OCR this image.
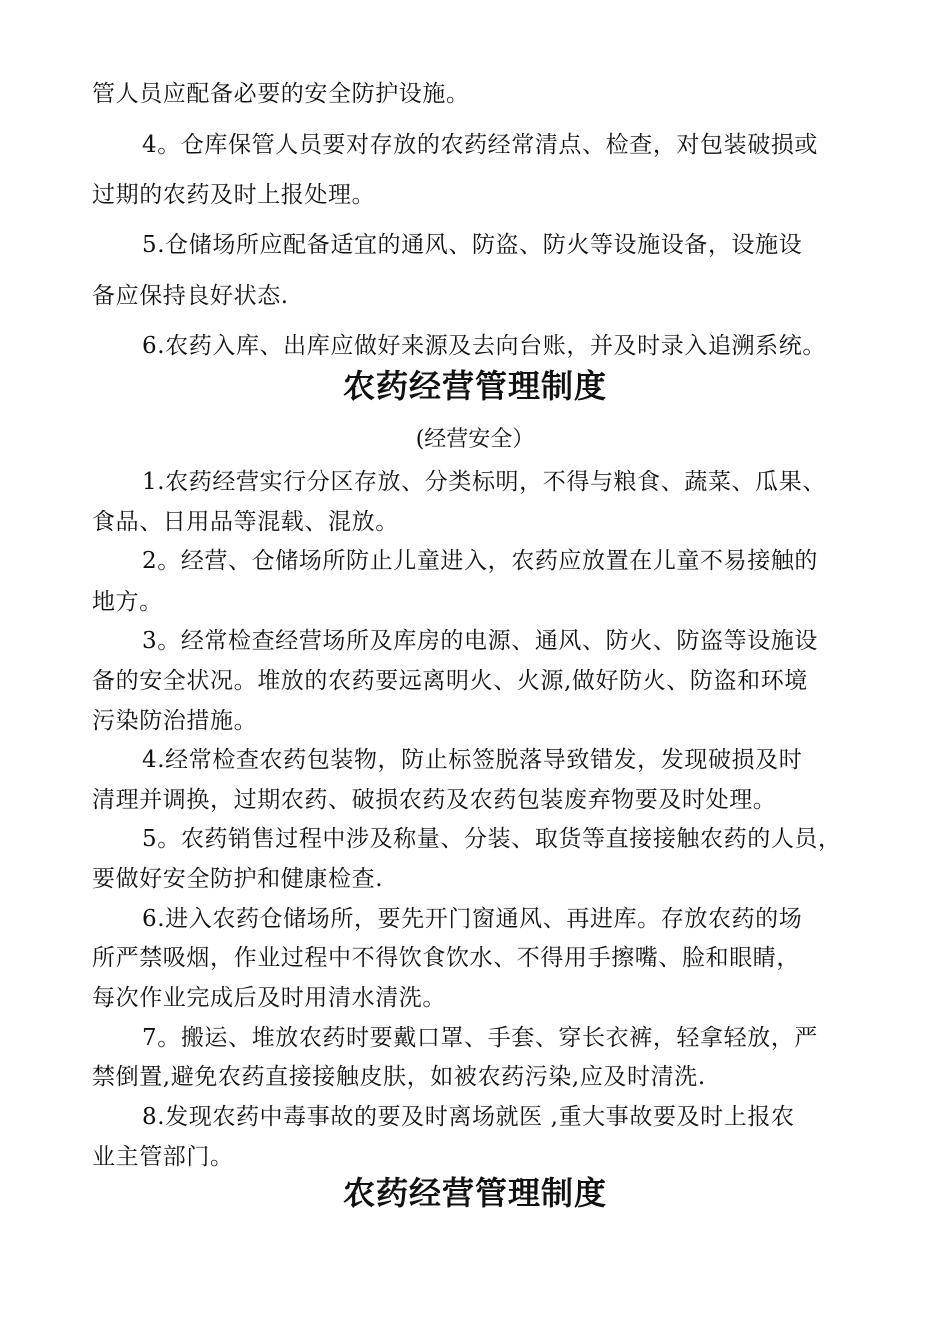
管人员应配备必要的安全防护设施。
4。仓库保管人员要对存放的农药经常清点、检查，对包装破损或
过期的农药及时上报处理。
5.仓储场所应配备适宜的通风、防盗、防火等设施设备，设施设
备应保持良好状态.
6.农药入库、出库应做好来源及去向台账，并及时录入追溯系统。
农药经营管理制度
(经营安全）
1.农药经营实行分区存放、分类标明，不得与粮食、蔬菜、瓜果、
食品、日用品等混载、混放。
2。经营、仓储场所防止儿童进入，农药应放置在儿童不易接触的
地方。
3。经常检查经营场所及库房的电源、通风、防火、防盗等设施设
备的安全状况。堆放的农药要远离明火、火源,做好防火、防盗和环境
污染防治措施。
4.经常检查农药包装物，防止标签脱落导致错发，发现破损及时
清理并调换，过期农药、破损农药及农药包装废弃物要及时处理。
5。农药销售过程中涉及称量、分装、取货等直接接触农药的人员，
要做好安全防护和健康检查.
6.进入农药仓储场所，要先开门窗通风、再进库。存放农药的场
所严禁吸烟，作业过程中不得饮食饮水、不得用手擦嘴、脸和眼睛，
每次作业完成后及时用清水清洗。
7。搬运、堆放农药时要戴口罩、手套、穿长衣裤，轻拿轻放，严
禁倒置,避免农药直接接触皮肤，如被农药污染,应及时清洗.
8.发现农药中毒事故的要及时离场就医 ,重大事故要及时上报农
业主管部门。
农药经营管理制度
